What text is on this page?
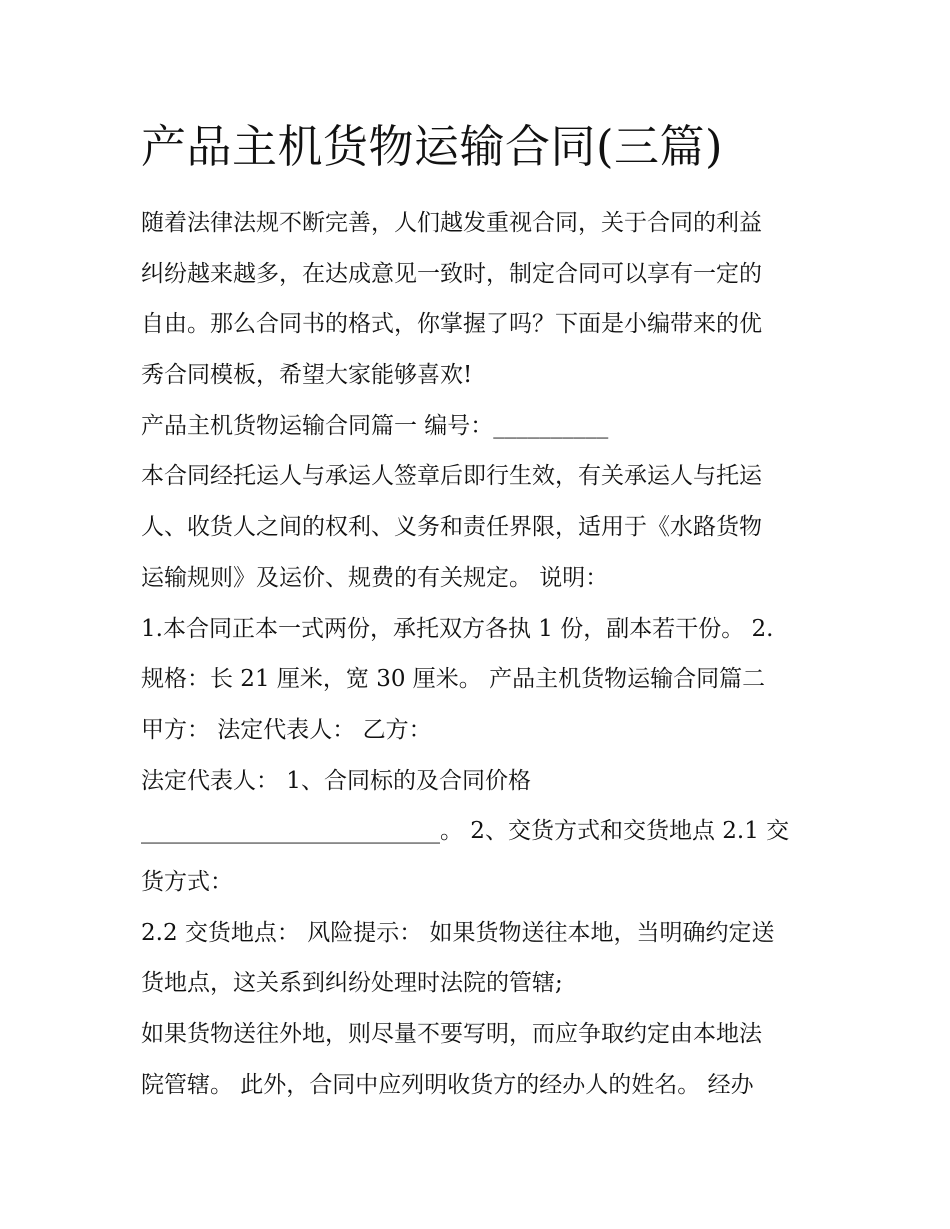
产品主机货物运输合同(三篇)
随着法律法规不断完善，人们越发重视合同，关于合同的利益
纠纷越来越多，在达成意见一致时，制定合同可以享有一定的
自由。那么合同书的格式，你掌握了吗？下面是小编带来的优
秀合同模板，希望大家能够喜欢!
产品主机货物运输合同篇一 编号：__________
本合同经托运人与承运人签章后即行生效，有关承运人与托运
人、收货人之间的权利、义务和责任界限，适用于《水路货物
运输规则》及运价、规费的有关规定。 说明：
1.本合同正本一式两份，承托双方各执 1 份，副本若干份。 2.
规格：长 21 厘米，宽 30 厘米。 产品主机货物运输合同篇二
甲方： 法定代表人： 乙方：
法定代表人： 1、合同标的及合同价格
__________________________。 2、交货方式和交货地点 2.1 交
货方式：
2.2 交货地点： 风险提示： 如果货物送往本地，当明确约定送
货地点，这关系到纠纷处理时法院的管辖;
如果货物送往外地，则尽量不要写明，而应争取约定由本地法
院管辖。 此外，合同中应列明收货方的经办人的姓名。 经办
